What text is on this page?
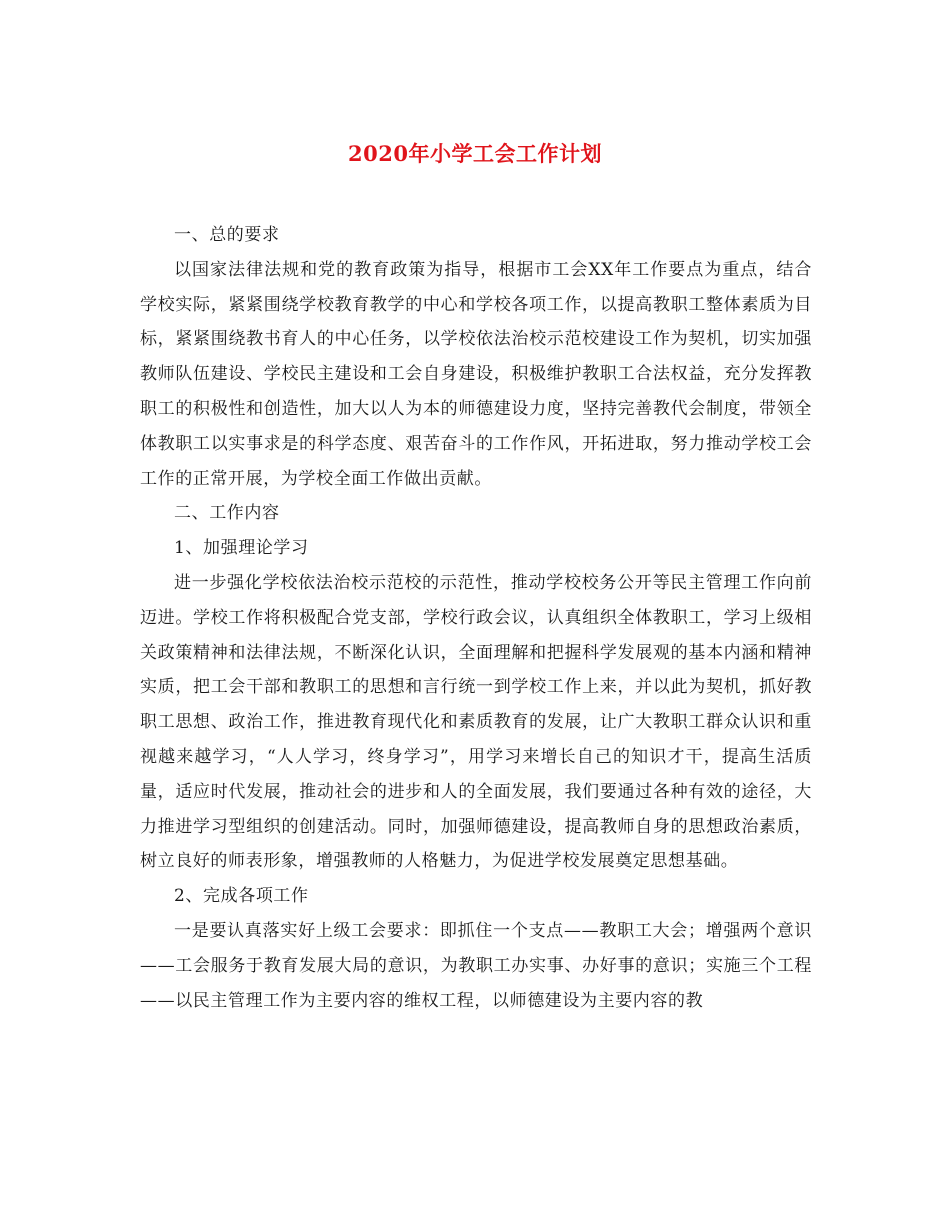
2020年小学工会工作计划

一、总的要求

以国家法律法规和党的教育政策为指导，根据市工会XX年工作要点为重点，结合学校实际，紧紧围绕学校教育教学的中心和学校各项工作，以提高教职工整体素质为目标，紧紧围绕教书育人的中心任务，以学校依法治校示范校建设工作为契机，切实加强教师队伍建设、学校民主建设和工会自身建设，积极维护教职工合法权益，充分发挥教职工的积极性和创造性，加大以人为本的师德建设力度，坚持完善教代会制度，带领全体教职工以实事求是的科学态度、艰苦奋斗的工作作风，开拓进取，努力推动学校工会工作的正常开展，为学校全面工作做出贡献。

二、工作内容

1、加强理论学习

进一步强化学校依法治校示范校的示范性，推动学校校务公开等民主管理工作向前迈进。学校工作将积极配合党支部，学校行政会议，认真组织全体教职工，学习上级相关政策精神和法律法规，不断深化认识，全面理解和把握科学发展观的基本内涵和精神实质，把工会干部和教职工的思想和言行统一到学校工作上来，并以此为契机，抓好教职工思想、政治工作，推进教育现代化和素质教育的发展，让广大教职工群众认识和重视越来越学习，“人人学习，终身学习”，用学习来增长自己的知识才干，提高生活质量，适应时代发展，推动社会的进步和人的全面发展，我们要通过各种有效的途径，大力推进学习型组织的创建活动。同时，加强师德建设，提高教师自身的思想政治素质，树立良好的师表形象，增强教师的人格魅力，为促进学校发展奠定思想基础。

2、完成各项工作

一是要认真落实好上级工会要求：即抓住一个支点——教职工大会；增强两个意识——工会服务于教育发展大局的意识，为教职工办实事、办好事的意识；实施三个工程——以民主管理工作为主要内容的维权工程，以师德建设为主要内容的教
